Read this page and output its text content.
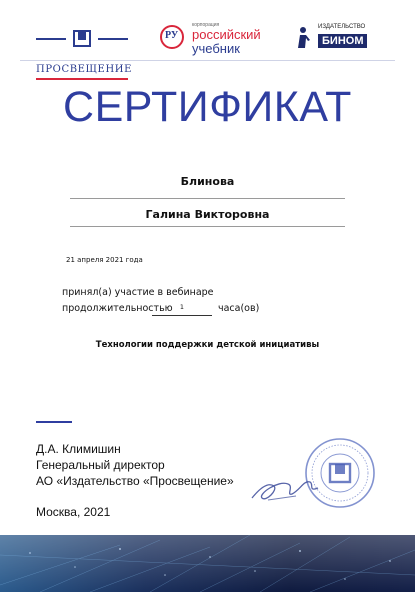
ПРОСВЕЩЕНИЕ
РУ
корпорация
российский
учебник
ИЗДАТЕЛЬСТВО
БИНОМ
СЕРТИФИКАТ
Блинова
Галина Викторовна
21 апреля 2021 года
принял(а) участие в вебинаре
продолжительностью	1	часа(ов)
Технологии поддержки детской инициативы
Д.А. Климишин
Генеральный директор
АО «Издательство «Просвещение»
Москва, 2021
